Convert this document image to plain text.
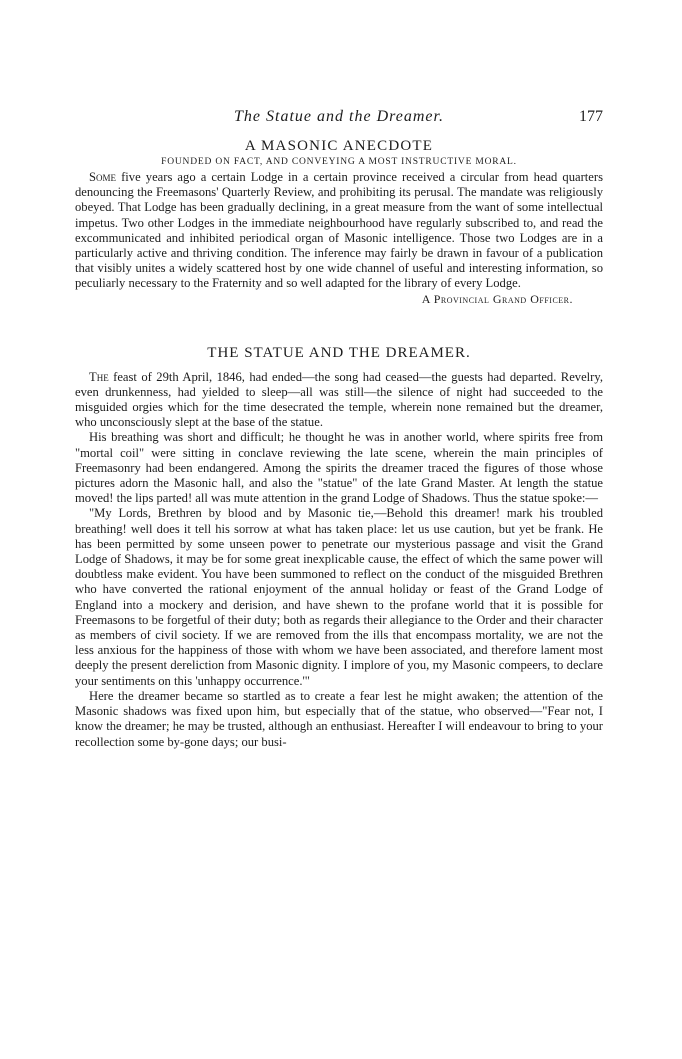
The Statue and the Dreamer.	177
A MASONIC ANECDOTE
FOUNDED ON FACT, AND CONVEYING A MOST INSTRUCTIVE MORAL.

Some five years ago a certain Lodge in a certain province received a circular from head quarters denouncing the Freemasons' Quarterly Review, and prohibiting its perusal. The mandate was religiously obeyed. That Lodge has been gradually declining, in a great measure from the want of some intellectual impetus. Two other Lodges in the immediate neighbourhood have regularly subscribed to, and read the excommunicated and inhibited periodical organ of Masonic intelligence. Those two Lodges are in a particularly active and thriving condition. The inference may fairly be drawn in favour of a publication that visibly unites a widely scattered host by one wide channel of useful and interesting information, so peculiarly necessary to the Fraternity and so well adapted for the library of every Lodge.

A Provincial Grand Officer.
THE STATUE AND THE DREAMER.

The feast of 29th April, 1846, had ended—the song had ceased—the guests had departed. Revelry, even drunkenness, had yielded to sleep—all was still—the silence of night had succeeded to the misguided orgies which for the time desecrated the temple, wherein none remained but the dreamer, who unconsciously slept at the base of the statue.

His breathing was short and difficult; he thought he was in another world, where spirits free from "mortal coil" were sitting in conclave reviewing the late scene, wherein the main principles of Freemasonry had been endangered. Among the spirits the dreamer traced the figures of those whose pictures adorn the Masonic hall, and also the "statue" of the late Grand Master. At length the statue moved! the lips parted! all was mute attention in the grand Lodge of Shadows. Thus the statue spoke:—

"My Lords, Brethren by blood and by Masonic tie,—Behold this dreamer! mark his troubled breathing! well does it tell his sorrow at what has taken place: let us use caution, but yet be frank. He has been permitted by some unseen power to penetrate our mysterious passage and visit the Grand Lodge of Shadows, it may be for some great inexplicable cause, the effect of which the same power will doubtless make evident. You have been summoned to reflect on the conduct of the misguided Brethren who have converted the rational enjoyment of the annual holiday or feast of the Grand Lodge of England into a mockery and derision, and have shewn to the profane world that it is possible for Freemasons to be forgetful of their duty; both as regards their allegiance to the Order and their character as members of civil society. If we are removed from the ills that encompass mortality, we are not the less anxious for the happiness of those with whom we have been associated, and therefore lament most deeply the present dereliction from Masonic dignity. I implore of you, my Masonic compeers, to declare your sentiments on this 'unhappy occurrence.'"

Here the dreamer became so startled as to create a fear lest he might awaken; the attention of the Masonic shadows was fixed upon him, but especially that of the statue, who observed—"Fear not, I know the dreamer; he may be trusted, although an enthusiast. Hereafter I will endeavour to bring to your recollection some by-gone days; our busi-
